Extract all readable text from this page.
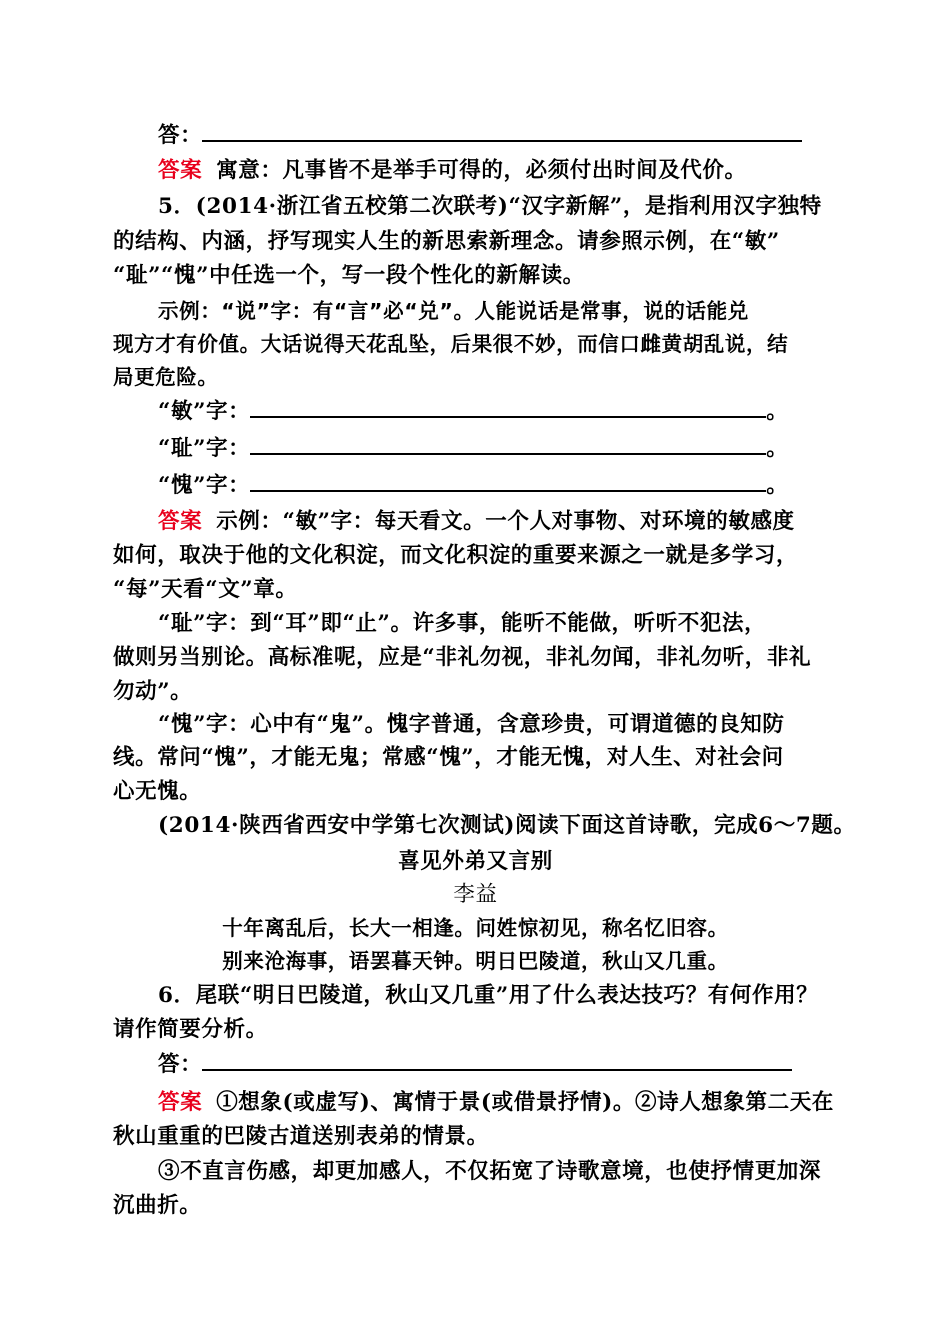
答：
答案 寓意：凡事皆不是举手可得的，必须付出时间及代价。
5．(2014·浙江省五校第二次联考)“汉字新解”，是指利用汉字独特
的结构、内涵，抒写现实人生的新思索新理念。请参照示例，在“敏”
“耻”“愧”中任选一个，写一段个性化的新解读。
示例：“说”字：有“言”必“兑”。人能说话是常事，说的话能兑
现方才有价值。大话说得天花乱坠，后果很不妙，而信口雌黄胡乱说，结
局更危险。
“敏”字：	。
“耻”字：	。
“愧”字：	。
答案 示例：“敏”字：每天看文。一个人对事物、对环境的敏感度
如何，取决于他的文化积淀，而文化积淀的重要来源之一就是多学习，
“每”天看“文”章。
“耻”字：到“耳”即“止”。许多事，能听不能做，听听不犯法，
做则另当别论。高标准呢，应是“非礼勿视，非礼勿闻，非礼勿听，非礼
勿动”。
“愧”字：心中有“鬼”。愧字普通，含意珍贵，可谓道德的良知防
线。常问“愧”，才能无鬼；常感“愧”，才能无愧，对人生、对社会问
心无愧。
(2014·陕西省西安中学第七次测试)阅读下面这首诗歌，完成6～7题。
喜见外弟又言别
李益
十年离乱后，长大一相逢。问姓惊初见，称名忆旧容。
别来沧海事，语罢暮天钟。明日巴陵道，秋山又几重。
6．尾联“明日巴陵道，秋山又几重”用了什么表达技巧？有何作用？
请作简要分析。
答：
答案 ①想象(或虚写)、寓情于景(或借景抒情)。②诗人想象第二天在
秋山重重的巴陵古道送别表弟的情景。
③不直言伤感，却更加感人，不仅拓宽了诗歌意境，也使抒情更加深
沉曲折。
